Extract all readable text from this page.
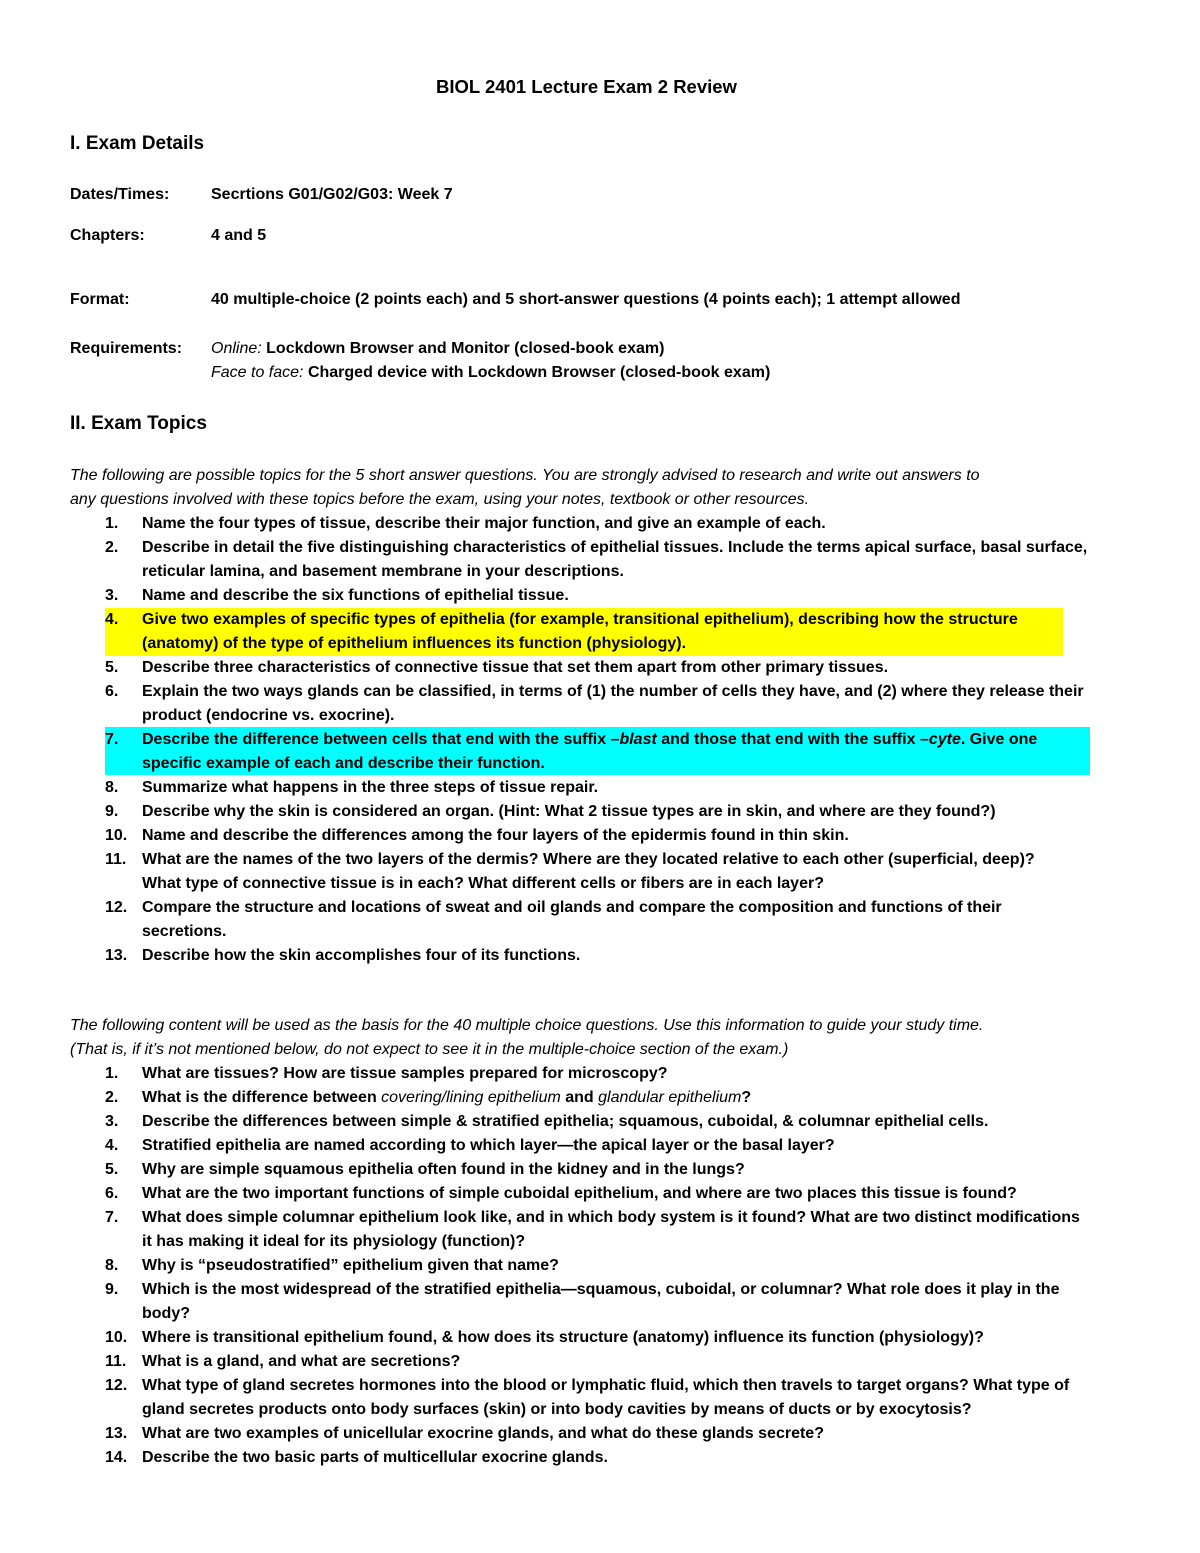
BIOL 2401 Lecture Exam 2 Review
I. Exam Details
Dates/Times:	Secrtions G01/G02/G03: Week 7
Chapters:	4 and 5
Format:	40 multiple-choice (2 points each) and 5 short-answer questions (4 points each); 1 attempt allowed
Requirements: Online: Lockdown Browser and Monitor (closed-book exam)
Face to face: Charged device with Lockdown Browser (closed-book exam)
II. Exam Topics
The following are possible topics for the 5 short answer questions. You are strongly advised to research and write out answers to
any questions involved with these topics before the exam, using your notes, textbook or other resources.
1. Name the four types of tissue, describe their major function, and give an example of each.
2. Describe in detail the five distinguishing characteristics of epithelial tissues. Include the terms apical surface, basal surface,
reticular lamina, and basement membrane in your descriptions.
3. Name and describe the six functions of epithelial tissue.
4. Give two examples of specific types of epithelia (for example, transitional epithelium), describing how the structure
(anatomy) of the type of epithelium influences its function (physiology).
5. Describe three characteristics of connective tissue that set them apart from other primary tissues.
6. Explain the two ways glands can be classified, in terms of (1) the number of cells they have, and (2) where they release their
product (endocrine vs. exocrine).
7. Describe the difference between cells that end with the suffix –blast and those that end with the suffix –cyte. Give one
specific example of each and describe their function.
8. Summarize what happens in the three steps of tissue repair.
9. Describe why the skin is considered an organ. (Hint: What 2 tissue types are in skin, and where are they found?)
10. Name and describe the differences among the four layers of the epidermis found in thin skin.
11. What are the names of the two layers of the dermis? Where are they located relative to each other (superficial, deep)?
What type of connective tissue is in each? What different cells or fibers are in each layer?
12. Compare the structure and locations of sweat and oil glands and compare the composition and functions of their
secretions.
13. Describe how the skin accomplishes four of its functions.
The following content will be used as the basis for the 40 multiple choice questions. Use this information to guide your study time.
(That is, if it’s not mentioned below, do not expect to see it in the multiple-choice section of the exam.)
1. What are tissues? How are tissue samples prepared for microscopy?
2. What is the difference between covering/lining epithelium and glandular epithelium?
3. Describe the differences between simple & stratified epithelia; squamous, cuboidal, & columnar epithelial cells.
4. Stratified epithelia are named according to which layer—the apical layer or the basal layer?
5. Why are simple squamous epithelia often found in the kidney and in the lungs?
6. What are the two important functions of simple cuboidal epithelium, and where are two places this tissue is found?
7. What does simple columnar epithelium look like, and in which body system is it found? What are two distinct modifications
it has making it ideal for its physiology (function)?
8. Why is “pseudostratified” epithelium given that name?
9. Which is the most widespread of the stratified epithelia—squamous, cuboidal, or columnar? What role does it play in the
body?
10. Where is transitional epithelium found, & how does its structure (anatomy) influence its function (physiology)?
11. What is a gland, and what are secretions?
12. What type of gland secretes hormones into the blood or lymphatic fluid, which then travels to target organs? What type of
gland secretes products onto body surfaces (skin) or into body cavities by means of ducts or by exocytosis?
13. What are two examples of unicellular exocrine glands, and what do these glands secrete?
14. Describe the two basic parts of multicellular exocrine glands.
